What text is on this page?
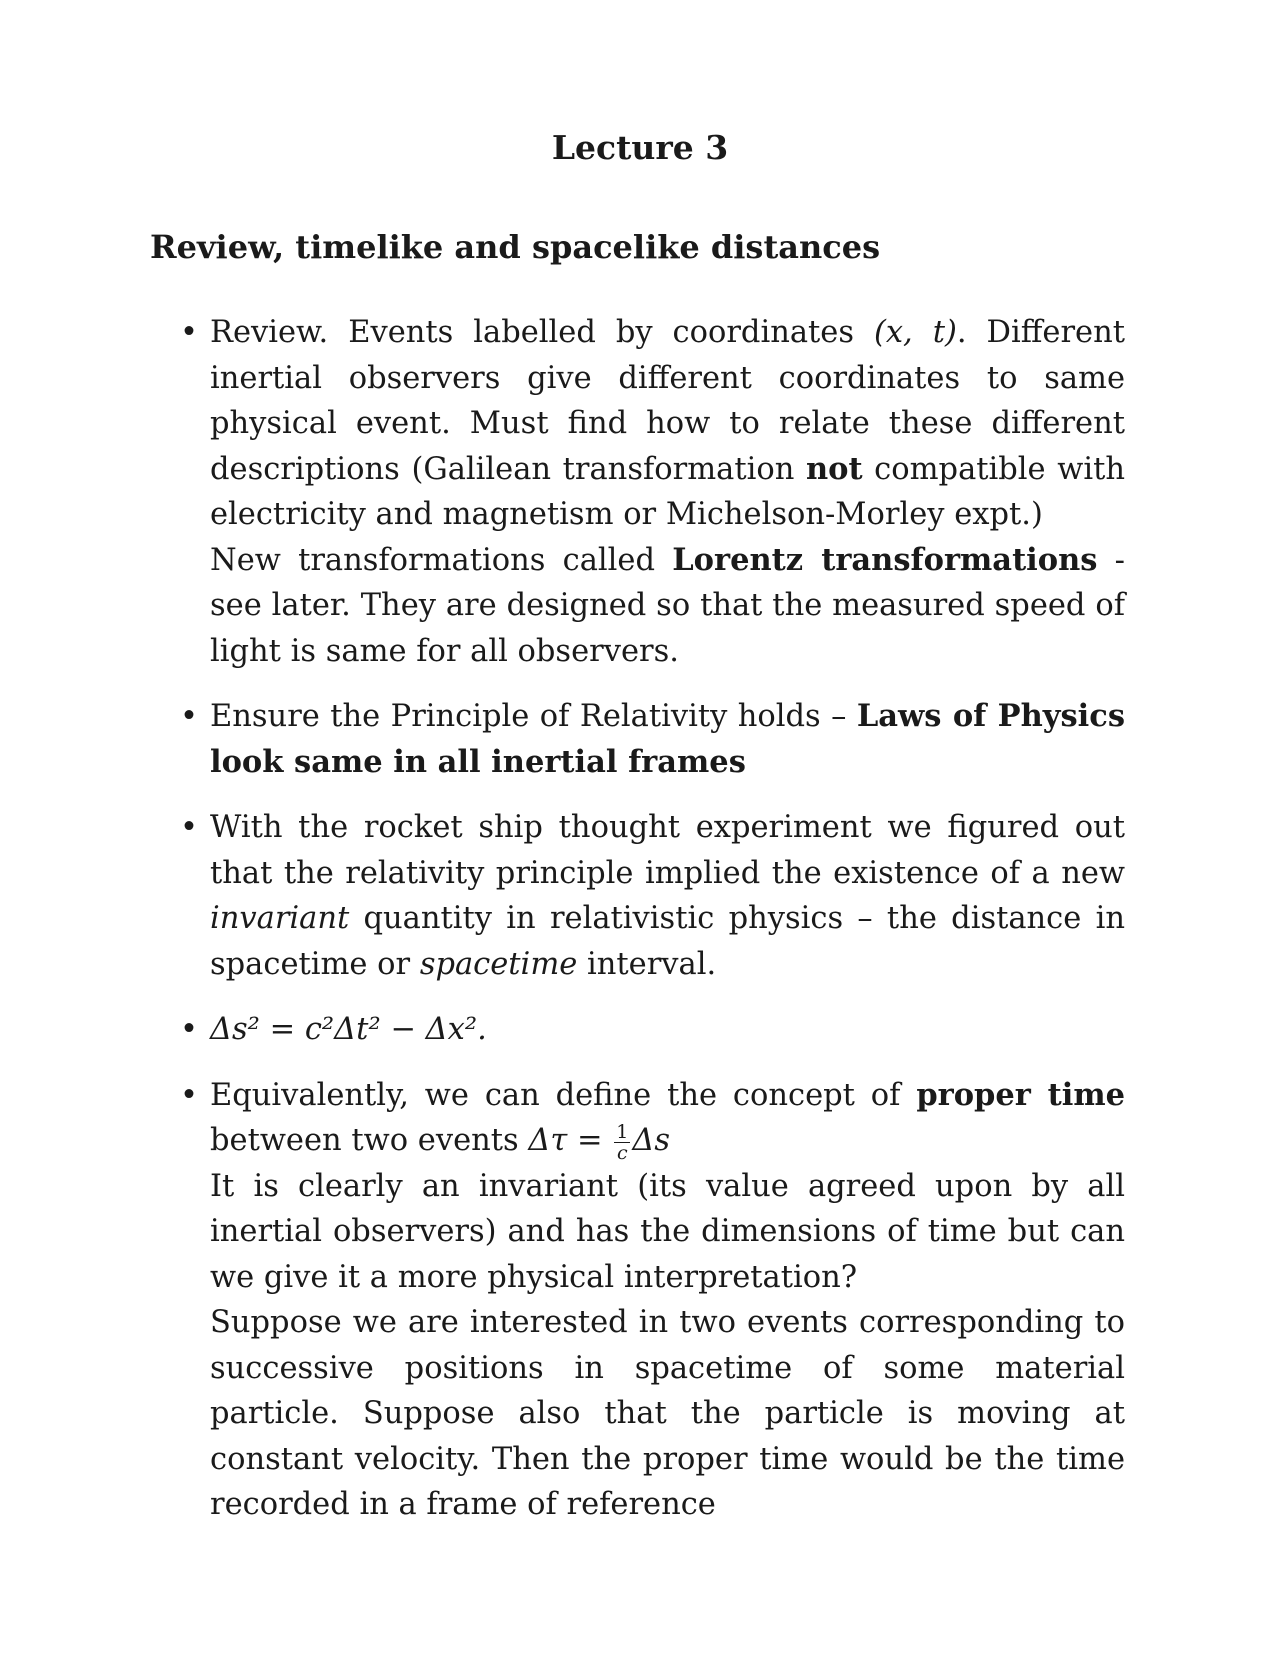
Lecture 3
Review, timelike and spacelike distances
• Review. Events labelled by coordinates (x, t). Different inertial observers give different coordinates to same physical event. Must find how to relate these different descriptions (Galilean transformation not compatible with electricity and magnetism or Michelson-Morley expt.)
New transformations called Lorentz transformations - see later. They are designed so that the measured speed of light is same for all observers.
• Ensure the Principle of Relativity holds – Laws of Physics look same in all inertial frames
• With the rocket ship thought experiment we figured out that the relativity principle implied the existence of a new invariant quantity in relativistic physics – the distance in spacetime or spacetime interval.
• Δs² = c²Δt² − Δx².
• Equivalently, we can define the concept of proper time between two events $\Delta\tau = \frac{1}{c}$ Δs
It is clearly an invariant (its value agreed upon by all inertial observers) and has the dimensions of time but can we give it a more physical interpretation?
Suppose we are interested in two events corresponding to successive positions in spacetime of some material particle. Suppose also that the particle is moving at constant velocity. Then the proper time would be the time recorded in a frame of reference
